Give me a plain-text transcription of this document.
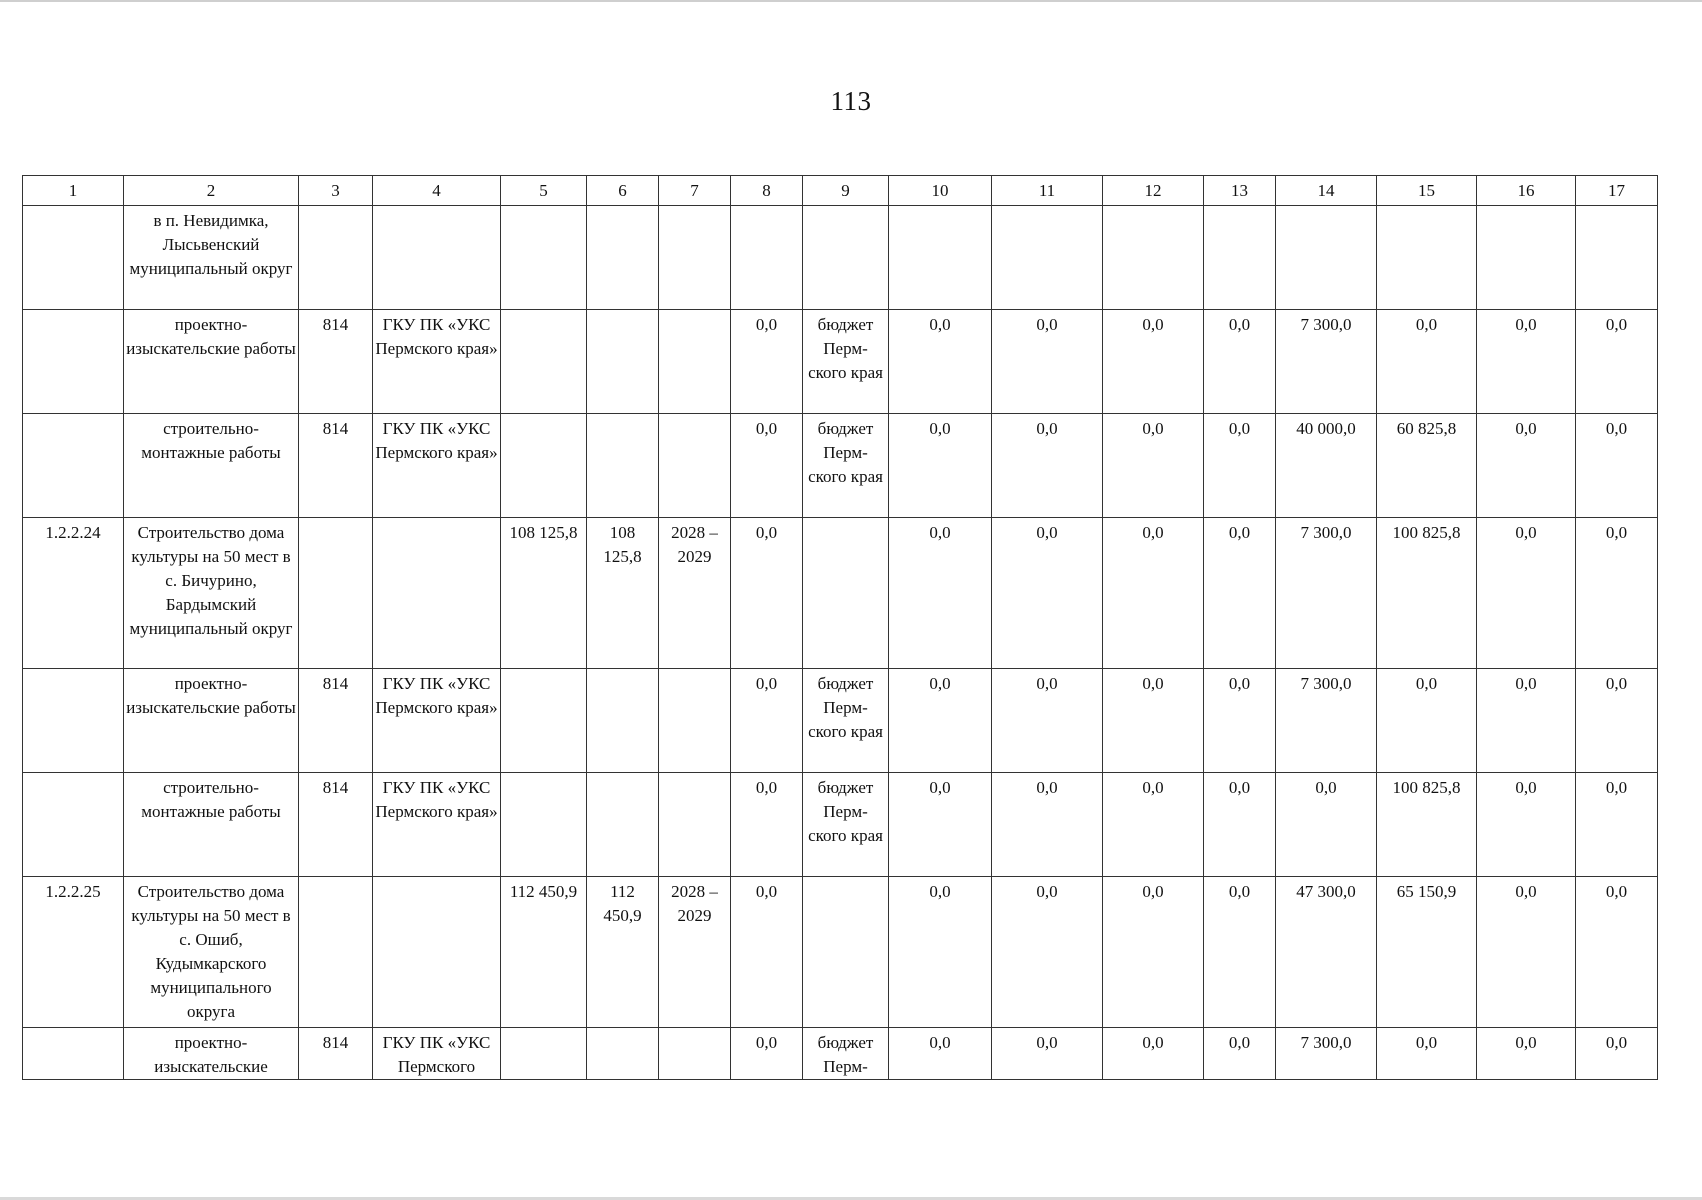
113
1	2	3	4	5	6	7	8	9	10	11	12	13	14	15	16	17
	в п. Невидимка, Лысьвенский муниципальный округ															
	проектно-изыскательские работы	814	ГКУ ПК «УКС Пермского края»				0,0	бюджет Перм-ского края	0,0	0,0	0,0	0,0	7 300,0	0,0	0,0	0,0
	строительно-монтажные работы	814	ГКУ ПК «УКС Пермского края»				0,0	бюджет Перм-ского края	0,0	0,0	0,0	0,0	40 000,0	60 825,8	0,0	0,0
1.2.2.24	Строительство дома культуры на 50 мест в с. Бичурино, Бардымский муниципальный округ			108 125,8	108 125,8	2028 – 2029	0,0		0,0	0,0	0,0	0,0	7 300,0	100 825,8	0,0	0,0
	проектно-изыскательские работы	814	ГКУ ПК «УКС Пермского края»				0,0	бюджет Перм-ского края	0,0	0,0	0,0	0,0	7 300,0	0,0	0,0	0,0
	строительно-монтажные работы	814	ГКУ ПК «УКС Пермского края»				0,0	бюджет Перм-ского края	0,0	0,0	0,0	0,0	0,0	100 825,8	0,0	0,0
1.2.2.25	Строительство дома культуры на 50 мест в с. Ошиб, Кудымкарского муниципального округа			112 450,9	112 450,9	2028 – 2029	0,0		0,0	0,0	0,0	0,0	47 300,0	65 150,9	0,0	0,0
	проектно-изыскательские	814	ГКУ ПК «УКС Пермского				0,0	бюджет Перм-	0,0	0,0	0,0	0,0	7 300,0	0,0	0,0	0,0
